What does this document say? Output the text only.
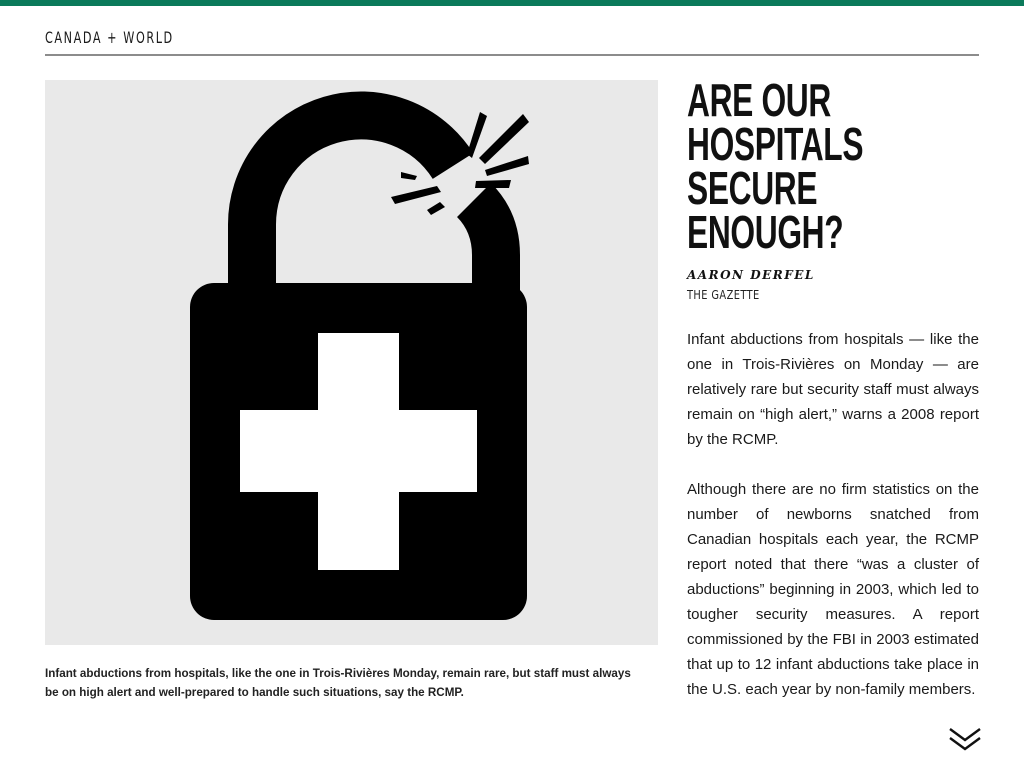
CANADA + WORLD
Infant abductions from hospitals, like the one in Trois-Rivières Monday, remain rare, but staff must always be on high alert and well-prepared to handle such situations, say the RCMP.
ARE OUR HOSPITALS SECURE ENOUGH?
AARON DERFEL
THE GAZETTE

Infant abductions from hospitals — like the one in Trois-Rivières on Monday — are relatively rare but security staff must always remain on “high alert,” warns a 2008 report by the RCMP.

Although there are no firm statistics on the number of newborns snatched from Canadian hospitals each year, the RCMP report noted that there “was a cluster of abductions” beginning in 2003, which led to tougher security measures. A report commissioned by the FBI in 2003 estimated that up to 12 infant abductions take place in the U.S. each year by non-family members.
